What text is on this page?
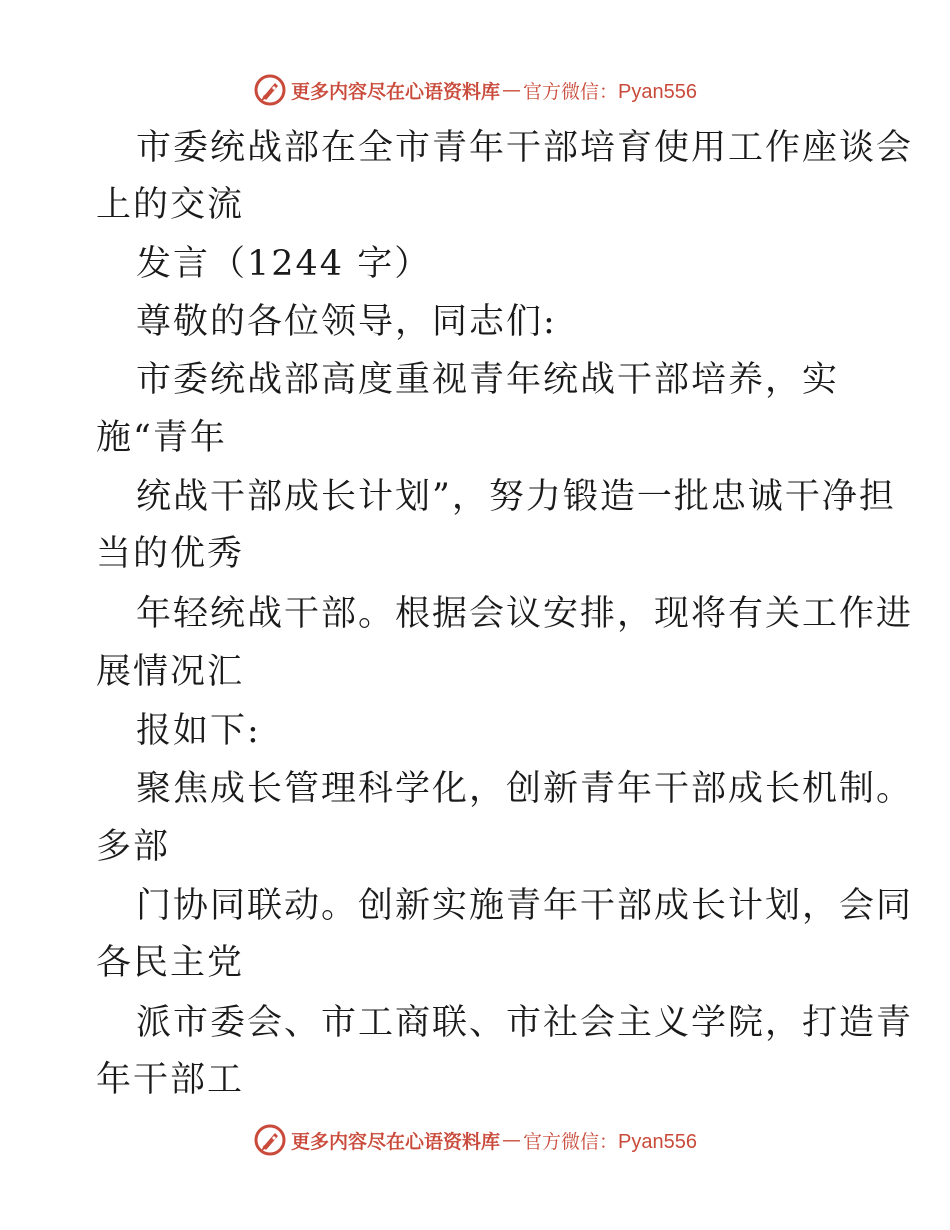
更多内容尽在心语资料库 — 官方微信：Pyan556
市委统战部在全市青年干部培育使用工作座谈会
上的交流
发言（1244 字）
尊敬的各位领导，同志们:
市委统战部高度重视青年统战干部培养，实
施“青年
统战干部成长计划”，努力锻造一批忠诚干净担
当的优秀
年轻统战干部。根据会议安排，现将有关工作进
展情况汇
报如下:
聚焦成长管理科学化，创新青年干部成长机制。
多部
门协同联动。创新实施青年干部成长计划，会同
各民主党
派市委会、市工商联、市社会主义学院，打造青
年干部工
更多内容尽在心语资料库 — 官方微信：Pyan556
